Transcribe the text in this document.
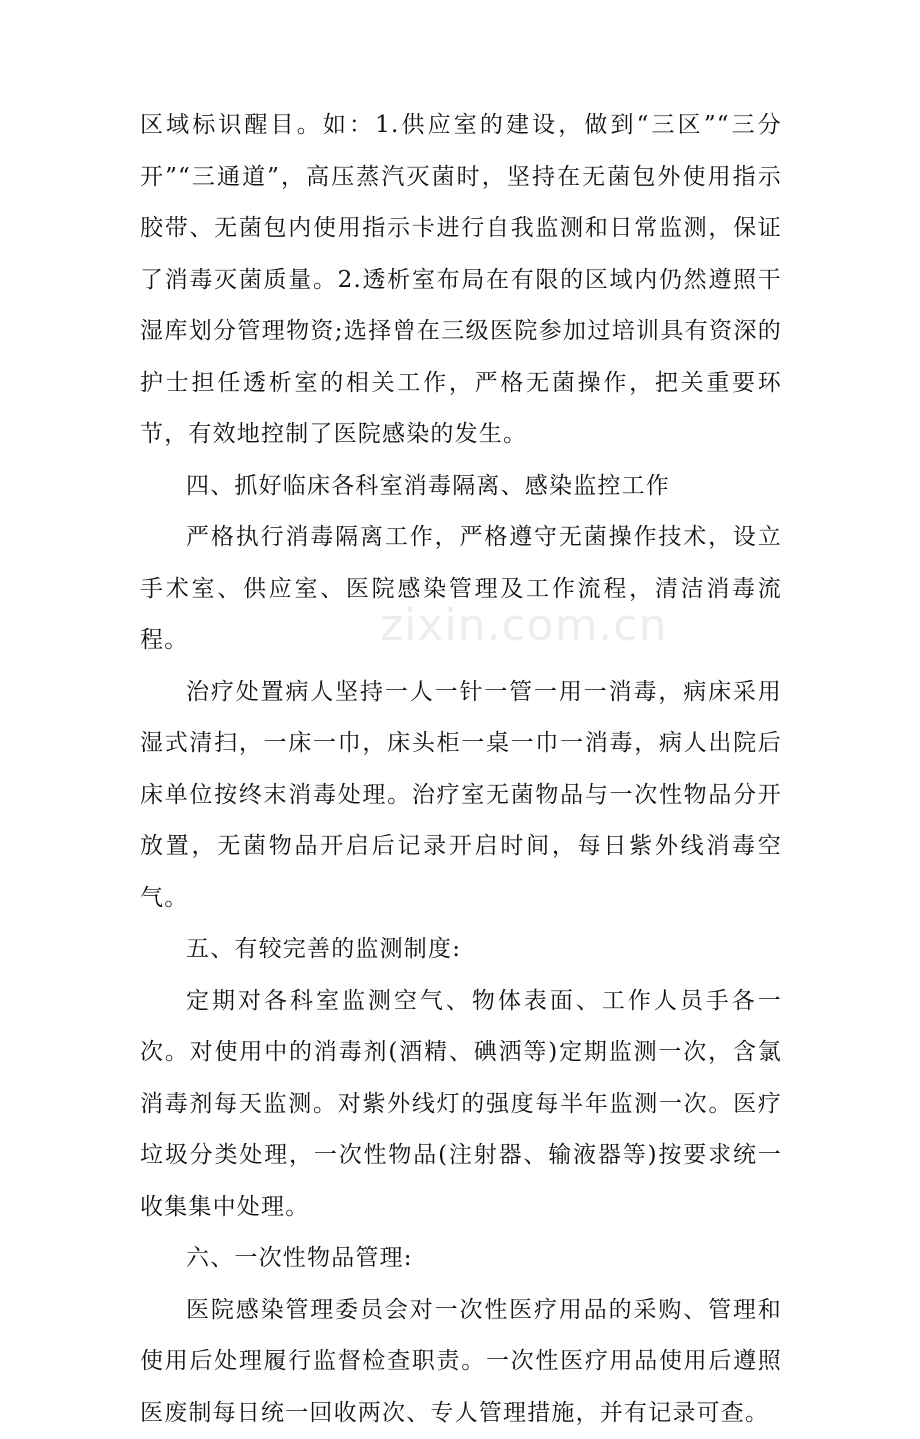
区域标识醒目。如：1.供应室的建设，做到“三区”“三分开”“三通道”，高压蒸汽灭菌时，坚持在无菌包外使用指示胶带、无菌包内使用指示卡进行自我监测和日常监测，保证了消毒灭菌质量。2.透析室布局在有限的区域内仍然遵照干湿库划分管理物资;选择曾在三级医院参加过培训具有资深的护士担任透析室的相关工作，严格无菌操作，把关重要环节，有效地控制了医院感染的发生。

四、抓好临床各科室消毒隔离、感染监控工作

严格执行消毒隔离工作，严格遵守无菌操作技术，设立手术室、供应室、医院感染管理及工作流程，清洁消毒流程。

治疗处置病人坚持一人一针一管一用一消毒，病床采用湿式清扫，一床一巾，床头柜一桌一巾一消毒，病人出院后床单位按终末消毒处理。治疗室无菌物品与一次性物品分开放置，无菌物品开启后记录开启时间，每日紫外线消毒空气。

五、有较完善的监测制度:

定期对各科室监测空气、物体表面、工作人员手各一次。对使用中的消毒剂(酒精、碘洒等)定期监测一次，含氯消毒剂每天监测。对紫外线灯的强度每半年监测一次。医疗垃圾分类处理，一次性物品(注射器、输液器等)按要求统一收集集中处理。

六、一次性物品管理:

医院感染管理委员会对一次性医疗用品的采购、管理和使用后处理履行监督检查职责。一次性医疗用品使用后遵照医废制每日统一回收两次、专人管理措施，并有记录可查。

zixin.com.cn
